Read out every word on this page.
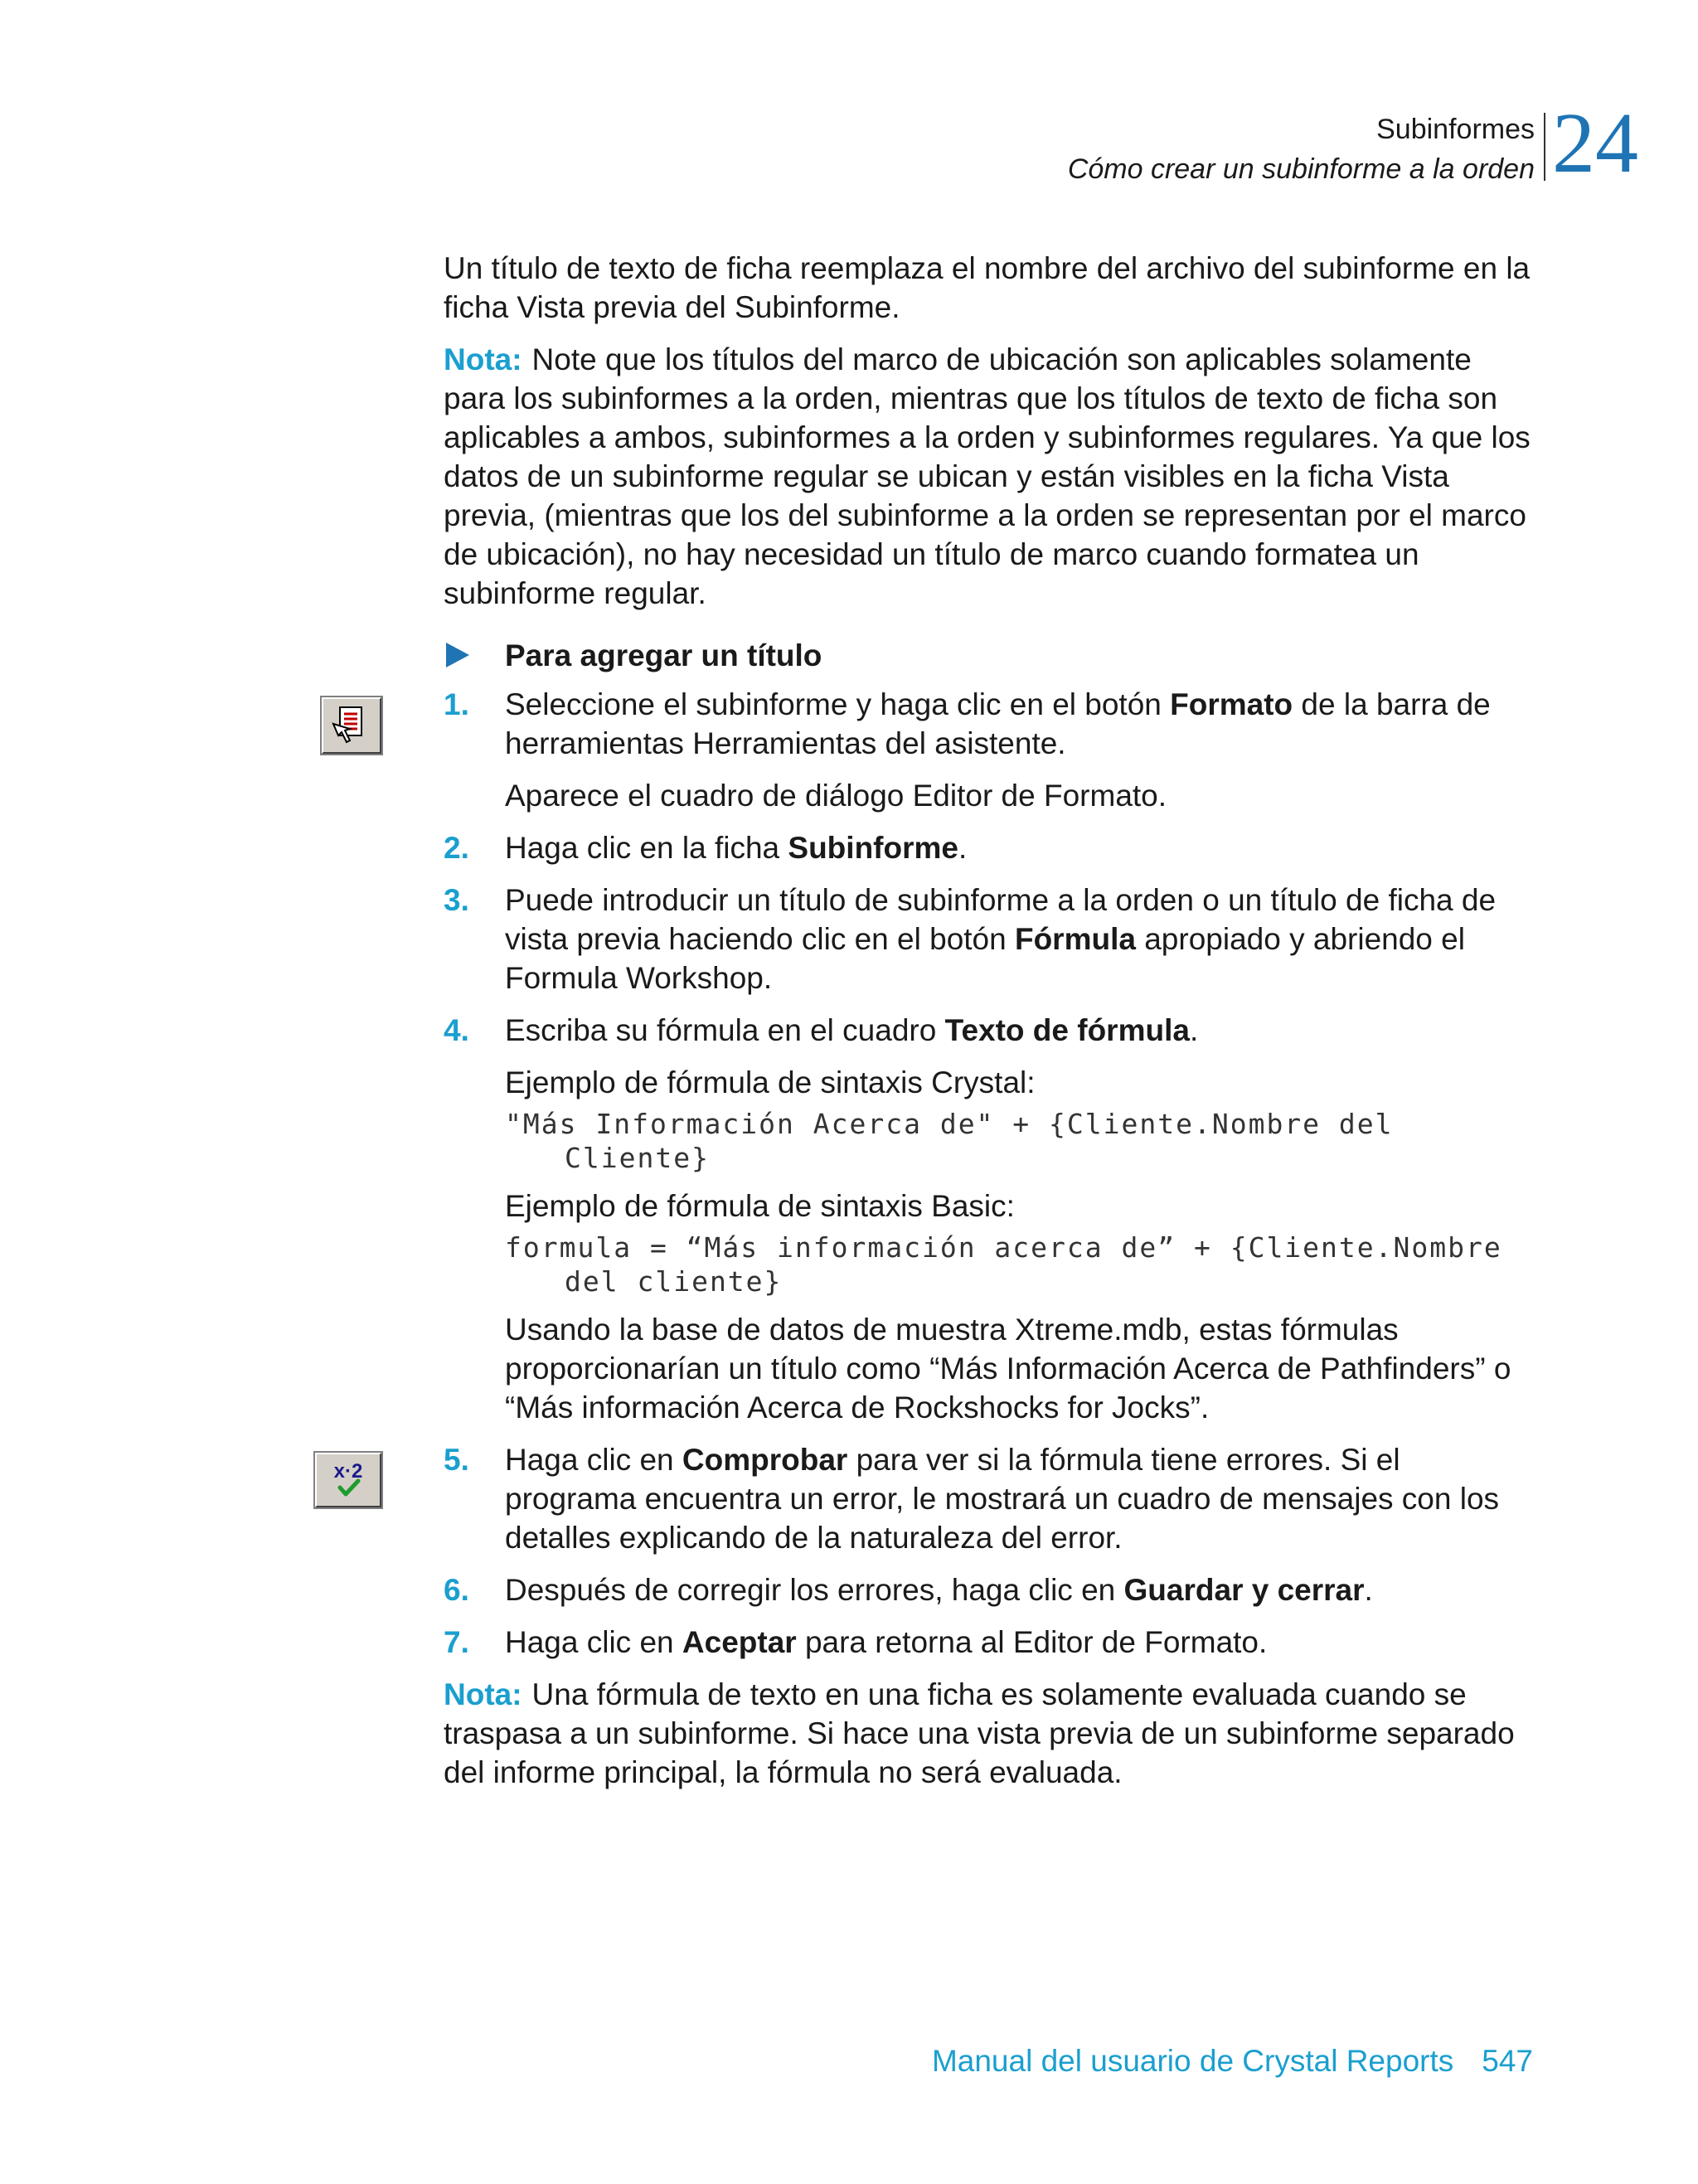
Subinformes
Cómo crear un subinforme a la orden 24
x·2

Un título de texto de ficha reemplaza el nombre del archivo del subinforme en la ficha Vista previa del Subinforme.

Nota: Note que los títulos del marco de ubicación son aplicables solamente para los subinformes a la orden, mientras que los títulos de texto de ficha son aplicables a ambos, subinformes a la orden y subinformes regulares. Ya que los datos de un subinforme regular se ubican y están visibles en la ficha Vista previa, (mientras que los del subinforme a la orden se representan por el marco de ubicación), no hay necesidad un título de marco cuando formatea un subinforme regular.

Para agregar un título
1. Seleccione el subinforme y haga clic en el botón Formato de la barra de herramientas Herramientas del asistente.

Aparece el cuadro de diálogo Editor de Formato.

2. Haga clic en la ficha Subinforme.
3. Puede introducir un título de subinforme a la orden o un título de ficha de vista previa haciendo clic en el botón Fórmula apropiado y abriendo el Formula Workshop.
4. Escriba su fórmula en el cuadro Texto de fórmula.

Ejemplo de fórmula de sintaxis Crystal:

"Más Información Acerca de" + {Cliente.Nombre del Cliente}

Ejemplo de fórmula de sintaxis Basic:

formula = “Más información acerca de” + {Cliente.Nombre del cliente}

Usando la base de datos de muestra Xtreme.mdb, estas fórmulas proporcionarían un título como “Más Información Acerca de Pathfinders” o “Más información Acerca de Rockshocks for Jocks”.

5. Haga clic en Comprobar para ver si la fórmula tiene errores. Si el programa encuentra un error, le mostrará un cuadro de mensajes con los detalles explicando de la naturaleza del error.
6. Después de corregir los errores, haga clic en Guardar y cerrar.
7. Haga clic en Aceptar para retorna al Editor de Formato.

Nota: Una fórmula de texto en una ficha es solamente evaluada cuando se traspasa a un subinforme. Si hace una vista previa de un subinforme separado del informe principal, la fórmula no será evaluada.

Manual del usuario de Crystal Reports 547
